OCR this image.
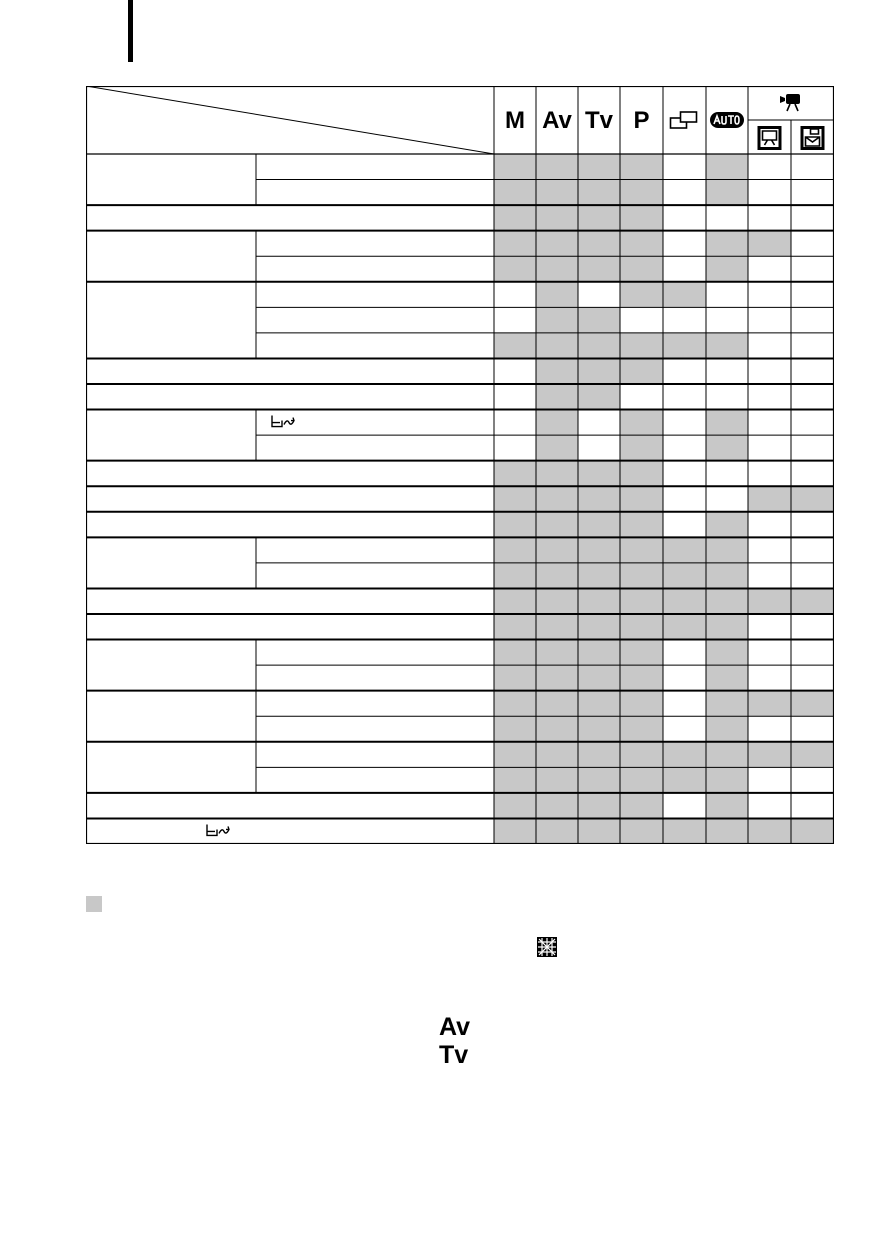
M Av Tv P
Av
Tv
